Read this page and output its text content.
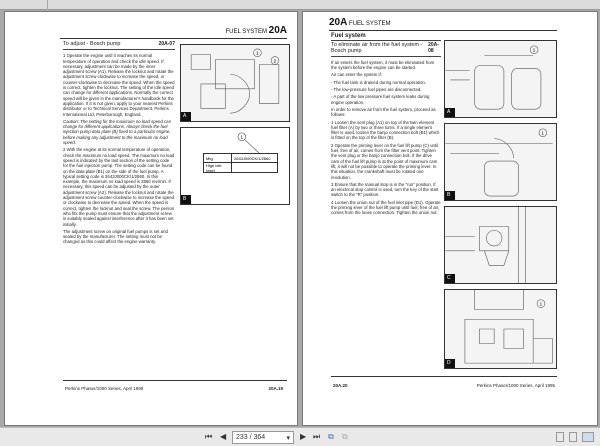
FUEL SYSTEM 20A
To adjust - Bosch pump	20A-07

1 Operate the engine until it reaches its normal temperature of operation and check the idle speed. If necessary, adjustment can be made by the inner adjustment screw (A1). Release the locknut and rotate the adjustment screw clockwise to increase the speed, or counter-clockwise to decrease the speed. When the speed is correct, tighten the locknut. The setting of the idle speed can change for different applications. Normally the correct speed will be given in the manufacturer's handbook for the application. If it is not given, apply to your nearest Perkins distributor or to Technical Services Department, Perkins International Ltd, Peterborough, England.

Caution: The setting for the maximum no load speed can change for different applications. Always check the fuel injection pump data plate (B) fixed to a particular engine, before making any adjustment to the maximum no load speed.

2 With the engine at its normal temperature of operation, check the maximum no load speed. The maximum no load speed is indicated by the last section of the setting code for the fuel injection pump. The setting code can be found on the data plate (B1) on the side of the fuel pump. A typical setting code is 2643J000CK/1/2860. In this example, the maximum no load speed is 2860 rev/min. If necessary, this speed can be adjusted by the outer adjustment screw (A2). Release the locknut and rotate the adjustment screw counter-clockwise to increase the speed or clockwise to decrease the speed. When the speed is correct, tighten the locknut and seal the screw. The person who fits the pump must ensure that the adjustment screw is suitably sealed against interference after it has been set initially.

The adjustment screw on original fuel pumps is set and sealed by the manufacturer. The setting must not be changed as this could affect the engine warranty.

1
2
A
1
Mtg	2643J000CK/1/2860
High idle reset
B
Perkins Phaser/1000 Series, April 1995	20A.19
20A FUEL SYSTEM
Fuel system
To eliminate air from the fuel system - Bosch pump
20A-08

If air enters the fuel system, it must be eliminated from the system before the engine can be started.

Air can enter the system if:

- The fuel tank is drained during normal operation.

- The low-pressure fuel pipes are disconnected.

- A part of the low pressure fuel system leaks during engine operation.

In order to remove air from the fuel system, proceed as follows:

1 Loosen the vent plug (A1) on top of the twin element fuel filter (A) by two or three turns. If a single element filter is used, loosen the banjo connection bolt (B1) which is fitted on the top of the filter (B).

2 Operate the priming lever on the fuel lift pump (C) until fuel, free of air, comes from the filter vent point. Tighten the vent plug or the banjo connection bolt. If the drive cam of the fuel lift pump is at the point of maximum cam lift, it will not be possible to operate the priming lever. In this situation, the crankshaft must be rotated one revolution.

3 Ensure that the manual stop is in the "run" position. If an electrical stop control is used, turn the key of the start switch to the "R" position.

4 Loosen the union nut of the fuel inlet pipe (D1). Operate the priming lever of the fuel lift pump until fuel, free of air, comes from the loose connection. Tighten the union nut.

1
A
1
B
C
1
D
20A.20	Perkins Phaser/1000 Series, April 1995
⏮ ◀ 233 / 364	▾ ▶ ⏭ ⧉ ⧉
